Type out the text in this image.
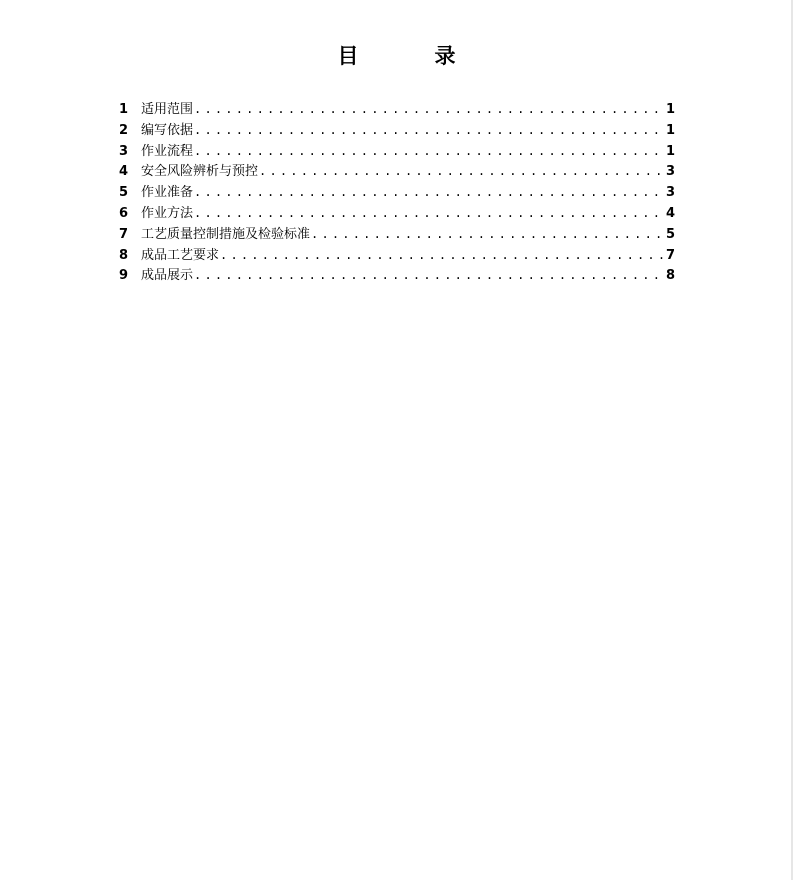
目	录
1 适用范围 .....	1
2 编写依据 .....	1
3 作业流程 .....	1
4 安全风险辨析与预控 .....	3
5 作业准备 .....	3
6 作业方法 .....	4
7 工艺质量控制措施及检验标准 .....	5
8 成品工艺要求 .....	7
9 成品展示 .....	8
